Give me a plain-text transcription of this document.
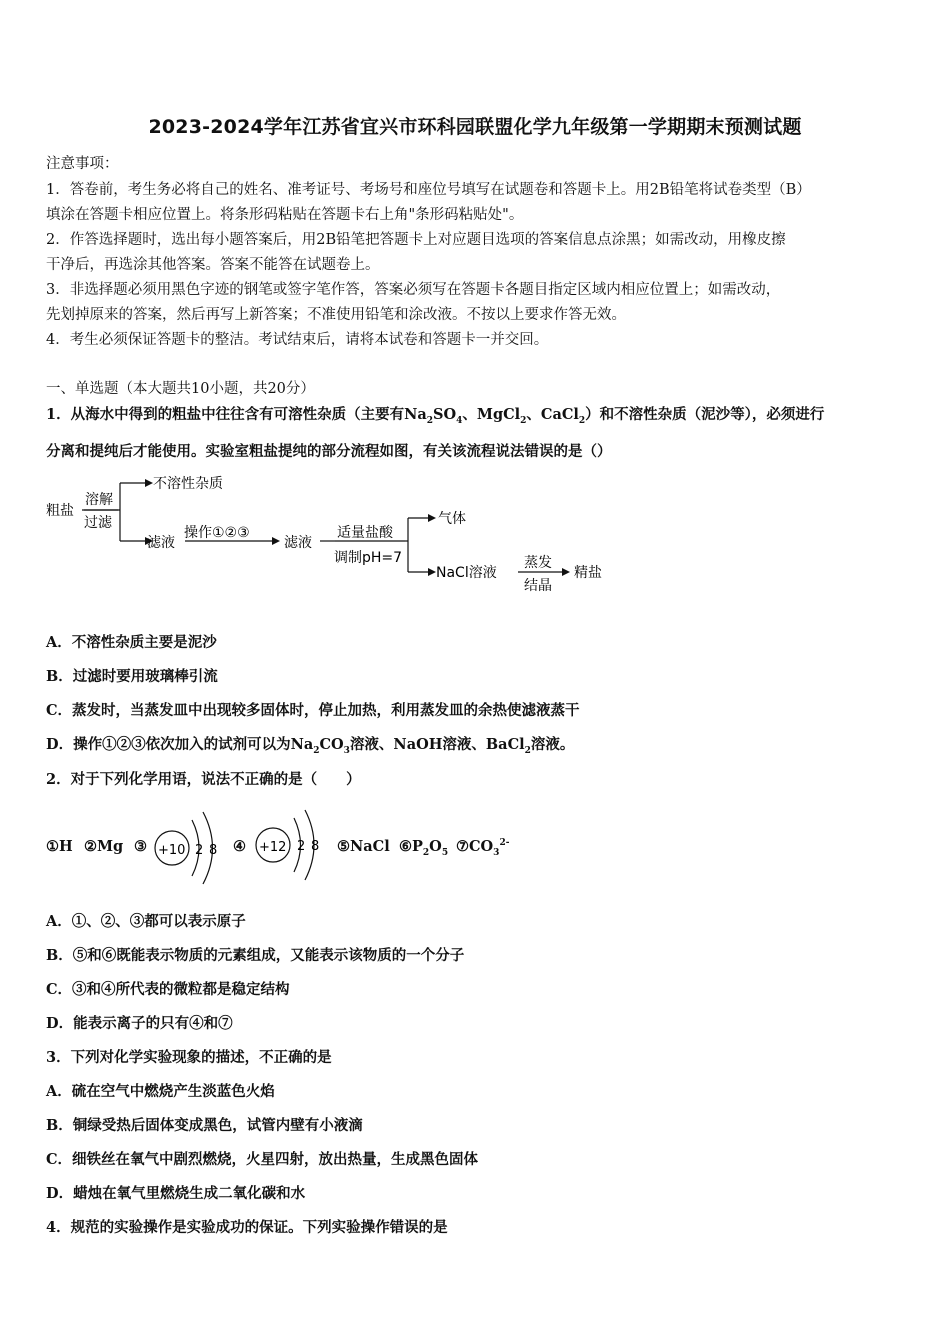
2023-2024学年江苏省宜兴市环科园联盟化学九年级第一学期期末预测试题
注意事项：
1．答卷前，考生务必将自己的姓名、准考证号、考场号和座位号填写在试题卷和答题卡上。用2B铅笔将试卷类型（B）
填涂在答题卡相应位置上。将条形码粘贴在答题卡右上角"条形码粘贴处"。
2．作答选择题时，选出每小题答案后，用2B铅笔把答题卡上对应题目选项的答案信息点涂黑；如需改动，用橡皮擦
干净后，再选涂其他答案。答案不能答在试题卷上。
3．非选择题必须用黑色字迹的钢笔或签字笔作答，答案必须写在答题卡各题目指定区域内相应位置上；如需改动，
先划掉原来的答案，然后再写上新答案；不准使用铅笔和涂改液。不按以上要求作答无效。
4．考生必须保证答题卡的整洁。考试结束后，请将本试卷和答题卡一并交回。
一、单选题（本大题共10小题，共20分）
1．从海水中得到的粗盐中往往含有可溶性杂质（主要有$Na_2SO_4$、MgCl$_2$、CaCl$_2$）和不溶性杂质（泥沙等），必须进行
分离和提纯后才能使用。实验室粗盐提纯的部分流程如图，有关该流程说法错误的是（）
粗盐
溶解
过滤
不溶性杂质
滤液
操作①②③
滤液
适量盐酸
调制pH=7
气体
NaCl溶液
蒸发
结晶
精盐
+10 2 8	+12 2 8
A．不溶性杂质主要是泥沙
B．过滤时要用玻璃棒引流
C．蒸发时，当蒸发皿中出现较多固体时，停止加热，利用蒸发皿的余热使滤液蒸干
D．操作①②③依次加入的试剂可以为$Na_2CO_3$溶液、NaOH溶液、BaCl$_2$溶液。
2．对于下列化学用语，说法不正确的是（　　）
①H ②Mg ③	④	⑤NaCl $⑥P_2O_5$ $⑦CO_3^{2-}$
A．①、②、③都可以表示原子
B．⑤和⑥既能表示物质的元素组成，又能表示该物质的一个分子
C．③和④所代表的微粒都是稳定结构
D．能表示离子的只有④和⑦
3．下列对化学实验现象的描述，不正确的是
A．硫在空气中燃烧产生淡蓝色火焰
B．铜绿受热后固体变成黑色，试管内壁有小液滴
C．细铁丝在氧气中剧烈燃烧，火星四射，放出热量，生成黑色固体
D．蜡烛在氧气里燃烧生成二氧化碳和水
4．规范的实验操作是实验成功的保证。下列实验操作错误的是
